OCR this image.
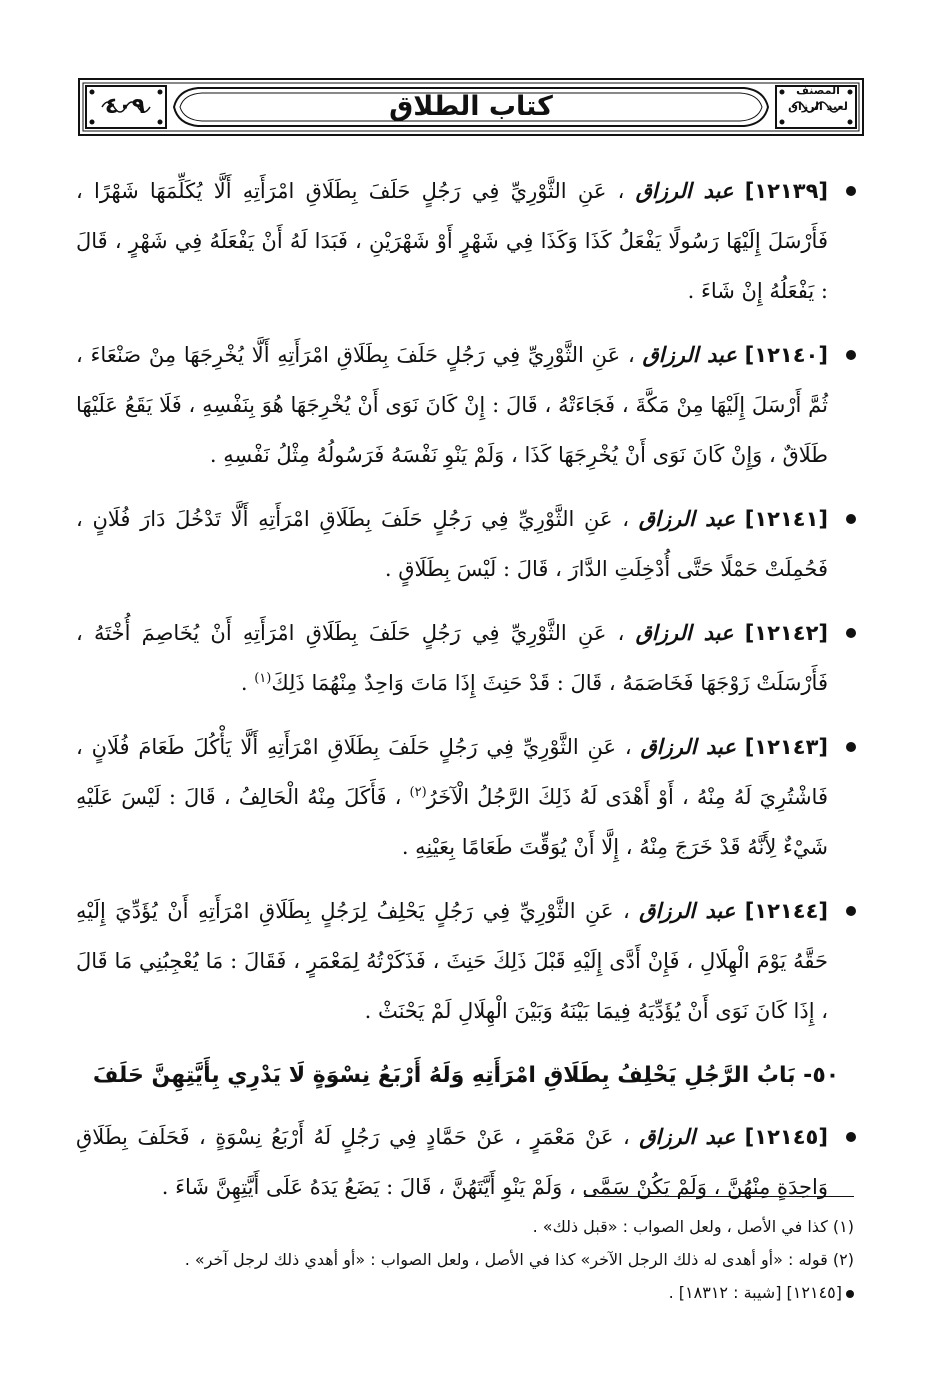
٤٠٩	كتاب الطلاق
المصنف
لعبد الرزاق

[١٢١٣٩] عبد الرزاق ، عَنِ الثَّوْرِيِّ فِي رَجُلٍ حَلَفَ بِطَلَاقِ امْرَأَتِهِ أَلَّا يُكَلِّمَهَا شَهْرًا ، فَأَرْسَلَ إِلَيْهَا رَسُولًا يَفْعَلُ كَذَا وَكَذَا فِي شَهْرٍ أَوْ شَهْرَيْنِ ، فَبَدَا لَهُ أَنْ يَفْعَلَهُ فِي شَهْرٍ ، قَالَ : يَفْعَلُهُ إِنْ شَاءَ .

[١٢١٤٠] عبد الرزاق ، عَنِ الثَّوْرِيِّ فِي رَجُلٍ حَلَفَ بِطَلَاقِ امْرَأَتِهِ أَلَّا يُخْرِجَهَا مِنْ صَنْعَاءَ ، ثُمَّ أَرْسَلَ إِلَيْهَا مِنْ مَكَّةَ ، فَجَاءَتْهُ ، قَالَ : إِنْ كَانَ نَوَى أَنْ يُخْرِجَهَا هُوَ بِنَفْسِهِ ، فَلَا يَقَعُ عَلَيْهَا طَلَاقٌ ، وَإِنْ كَانَ نَوَى أَنْ يُخْرِجَهَا كَذَا ، وَلَمْ يَنْوِ نَفْسَهُ فَرَسُولُهُ مِثْلُ نَفْسِهِ .

[١٢١٤١] عبد الرزاق ، عَنِ الثَّوْرِيِّ فِي رَجُلٍ حَلَفَ بِطَلَاقِ امْرَأَتِهِ أَلَّا تَدْخُلَ دَارَ فُلَانٍ ، فَحُمِلَتْ حَمْلًا حَتَّى أُدْخِلَتِ الدَّارَ ، قَالَ : لَيْسَ بِطَلَاقٍ .

[١٢١٤٢] عبد الرزاق ، عَنِ الثَّوْرِيِّ فِي رَجُلٍ حَلَفَ بِطَلَاقِ امْرَأَتِهِ أَنْ يُخَاصِمَ أُخْتَهُ ، فَأَرْسَلَتْ زَوْجَهَا فَخَاصَمَهُ ، قَالَ : قَدْ حَنِثَ إِذَا مَاتَ وَاحِدٌ مِنْهُمَا ذَلِكَ$^{(١)}$ .

[١٢١٤٣] عبد الرزاق ، عَنِ الثَّوْرِيِّ فِي رَجُلٍ حَلَفَ بِطَلَاقِ امْرَأَتِهِ أَلَّا يَأْكُلَ طَعَامَ فُلَانٍ ، فَاشْتُرِيَ لَهُ مِنْهُ ، أَوْ أَهْدَى لَهُ ذَلِكَ الرَّجُلُ الْآخَرُ$^{(٢)}$ ، فَأَكَلَ مِنْهُ الْحَالِفُ ، قَالَ : لَيْسَ عَلَيْهِ شَيْءٌ لِأَنَّهُ قَدْ خَرَجَ مِنْهُ ، إِلَّا أَنْ يُوَقِّتَ طَعَامًا بِعَيْنِهِ .

[١٢١٤٤] عبد الرزاق ، عَنِ الثَّوْرِيِّ فِي رَجُلٍ يَحْلِفُ لِرَجُلٍ بِطَلَاقِ امْرَأَتِهِ أَنْ يُؤَدِّيَ إِلَيْهِ حَقَّهُ يَوْمَ الْهِلَالِ ، فَإِنْ أَدَّى إِلَيْهِ قَبْلَ ذَلِكَ حَنِثَ ، فَذَكَرْتُهُ لِمَعْمَرٍ ، فَقَالَ : مَا يُعْجِبُنِي مَا قَالَ ، إِذَا كَانَ نَوَى أَنْ يُؤَدِّيَهُ فِيمَا بَيْنَهُ وَبَيْنَ الْهِلَالِ لَمْ يَحْنَثْ .

٥٠- بَابُ الرَّجُلِ يَحْلِفُ بِطَلَاقِ امْرَأَتِهِ وَلَهُ أَرْبَعُ نِسْوَةٍ لَا يَدْرِي بِأَيَّتِهِنَّ حَلَفَ

[١٢١٤٥] عبد الرزاق ، عَنْ مَعْمَرٍ ، عَنْ حَمَّادٍ فِي رَجُلٍ لَهُ أَرْبَعُ نِسْوَةٍ ، فَحَلَفَ بِطَلَاقِ وَاحِدَةٍ مِنْهُنَّ ، وَلَمْ يَكُنْ سَمَّى ، وَلَمْ يَنْوِ أَيَّتَهُنَّ ، قَالَ : يَضَعُ يَدَهُ عَلَى أَيَّتِهِنَّ شَاءَ .

(١) كذا في الأصل ، ولعل الصواب : «قبل ذلك» .
(٢) قوله : «أو أهدى له ذلك الرجل الآخر» كذا في الأصل ، ولعل الصواب : «أو أهدي ذلك لرجل آخر» .
[١٢١٤٥] [شيبة : ١٨٣١٢] .
